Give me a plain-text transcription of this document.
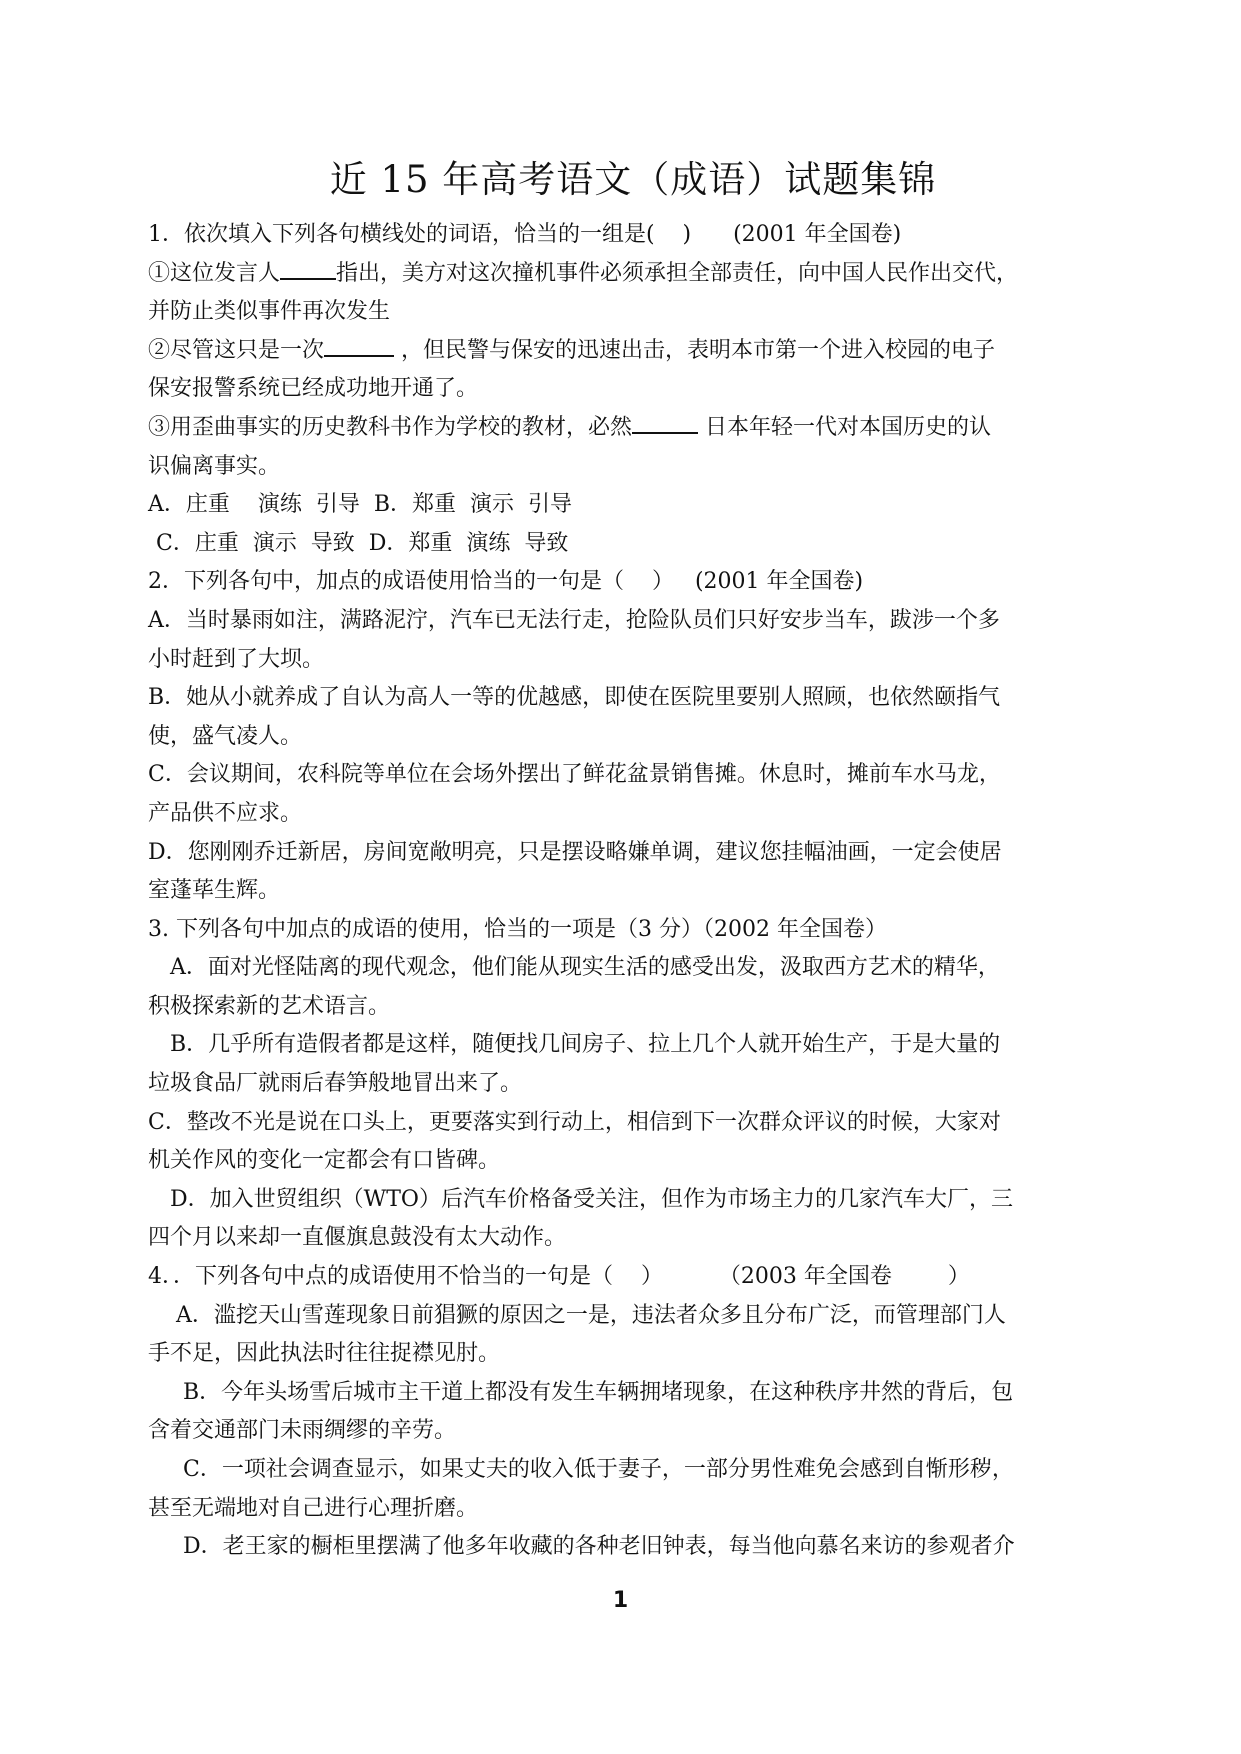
近 15 年高考语文（成语）试题集锦

1．依次填入下列各句横线处的词语，恰当的一组是(    )      (2001 年全国卷)

①这位发言人	指出，美方对这次撞机事件必须承担全部责任，向中国人民作出交代，

并防止类似事件再次发生

②尽管这只是一次	，但民警与保安的迅速出击，表明本市第一个进入校园的电子

保安报警系统已经成功地开通了。

③用歪曲事实的历史教科书作为学校的教材，必然	日本年轻一代对本国历史的认

识偏离事实。

A．庄重    演练  引导  B．郑重  演示  引导

C．庄重  演示  导致  D．郑重  演练  导致

2．下列各句中，加点的成语使用恰当的一句是（    ）   (2001 年全国卷)

A．当时暴雨如注，满路泥泞，汽车已无法行走，抢险队员们只好安步当车，跋涉一个多

小时赶到了大坝。

B．她从小就养成了自认为高人一等的优越感，即使在医院里要别人照顾，也依然颐指气

使，盛气凌人。

C．会议期间，农科院等单位在会场外摆出了鲜花盆景销售摊。休息时，摊前车水马龙，

产品供不应求。

D．您刚刚乔迁新居，房间宽敞明亮，只是摆设略嫌单调，建议您挂幅油画，一定会使居

室蓬荜生辉。

3. 下列各句中加点的成语的使用，恰当的一项是（3 分）（2002 年全国卷）

A．面对光怪陆离的现代观念，他们能从现实生活的感受出发，汲取西方艺术的精华，

积极探索新的艺术语言。

B．几乎所有造假者都是这样，随便找几间房子、拉上几个人就开始生产，于是大量的

垃圾食品厂就雨后春笋般地冒出来了。

C．整改不光是说在口头上，更要落实到行动上，相信到下一次群众评议的时候，大家对

机关作风的变化一定都会有口皆碑。

D．加入世贸组织（WTO）后汽车价格备受关注，但作为市场主力的几家汽车大厂，三

四个月以来却一直偃旗息鼓没有太大动作。

4．．下列各句中点的成语使用不恰当的一句是（    ）        （2003 年全国卷        ）

A．滥挖天山雪莲现象日前猖獗的原因之一是，违法者众多且分布广泛，而管理部门人

手不足，因此执法时往往捉襟见肘。

B．今年头场雪后城市主干道上都没有发生车辆拥堵现象，在这种秩序井然的背后，包

含着交通部门未雨绸缪的辛劳。

C．一项社会调查显示，如果丈夫的收入低于妻子，一部分男性难免会感到自惭形秽，

甚至无端地对自己进行心理折磨。

D．老王家的橱柜里摆满了他多年收藏的各种老旧钟表，每当他向慕名来访的参观者介

1
